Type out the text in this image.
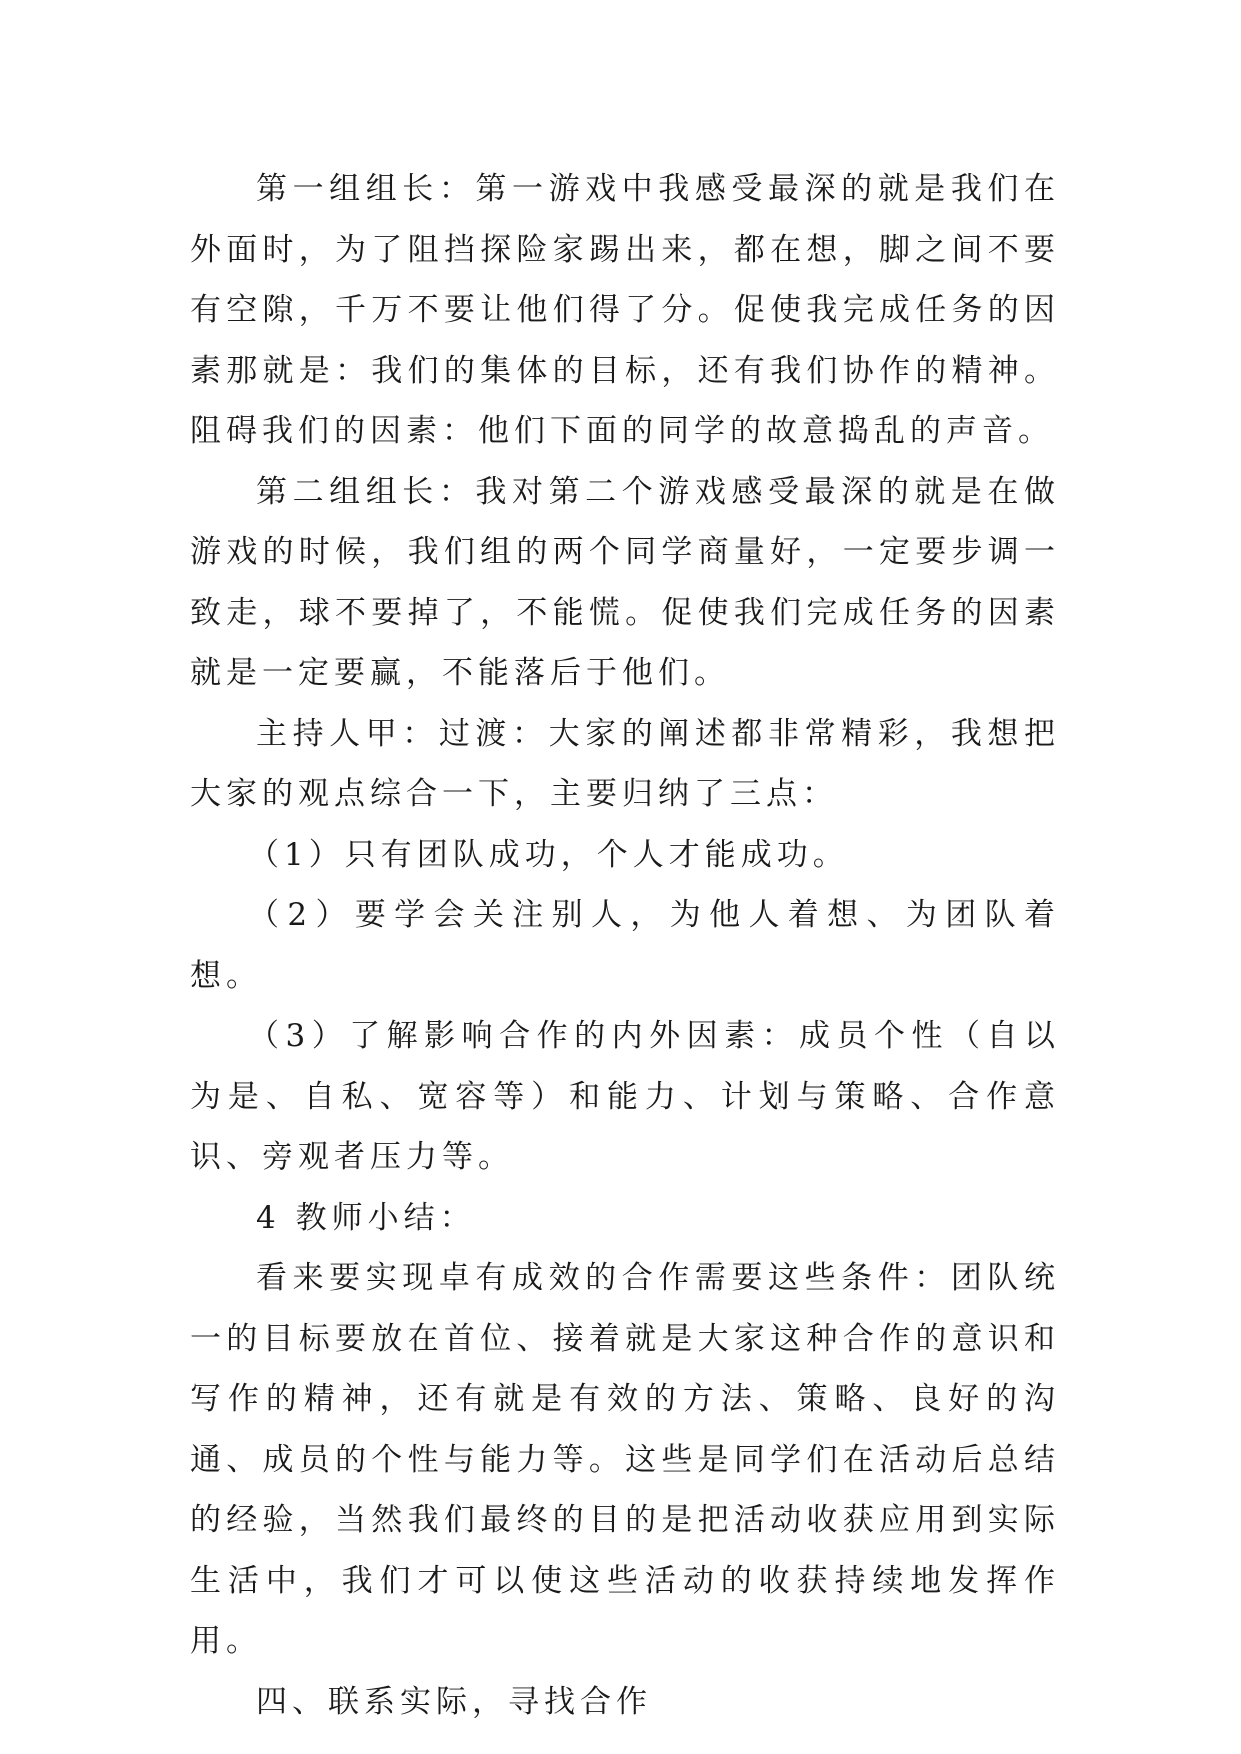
第一组组长：第一游戏中我感受最深的就是我们在外面时，为了阻挡探险家踢出来，都在想，脚之间不要有空隙，千万不要让他们得了分。促使我完成任务的因素那就是：我们的集体的目标，还有我们协作的精神。阻碍我们的因素：他们下面的同学的故意捣乱的声音。

第二组组长：我对第二个游戏感受最深的就是在做游戏的时候，我们组的两个同学商量好，一定要步调一致走，球不要掉了，不能慌。促使我们完成任务的因素就是一定要赢，不能落后于他们。

主持人甲：过渡：大家的阐述都非常精彩，我想把大家的观点综合一下，主要归纳了三点：

（1）只有团队成功，个人才能成功。

（2）要学会关注别人，为他人着想、为团队着想。

（3）了解影响合作的内外因素：成员个性（自以为是、自私、宽容等）和能力、计划与策略、合作意识、旁观者压力等。

4 教师小结：

看来要实现卓有成效的合作需要这些条件：团队统一的目标要放在首位、接着就是大家这种合作的意识和写作的精神，还有就是有效的方法、策略、良好的沟通、成员的个性与能力等。这些是同学们在活动后总结的经验，当然我们最终的目的是把活动收获应用到实际生活中，我们才可以使这些活动的收获持续地发挥作用。

四、联系实际，寻找合作
